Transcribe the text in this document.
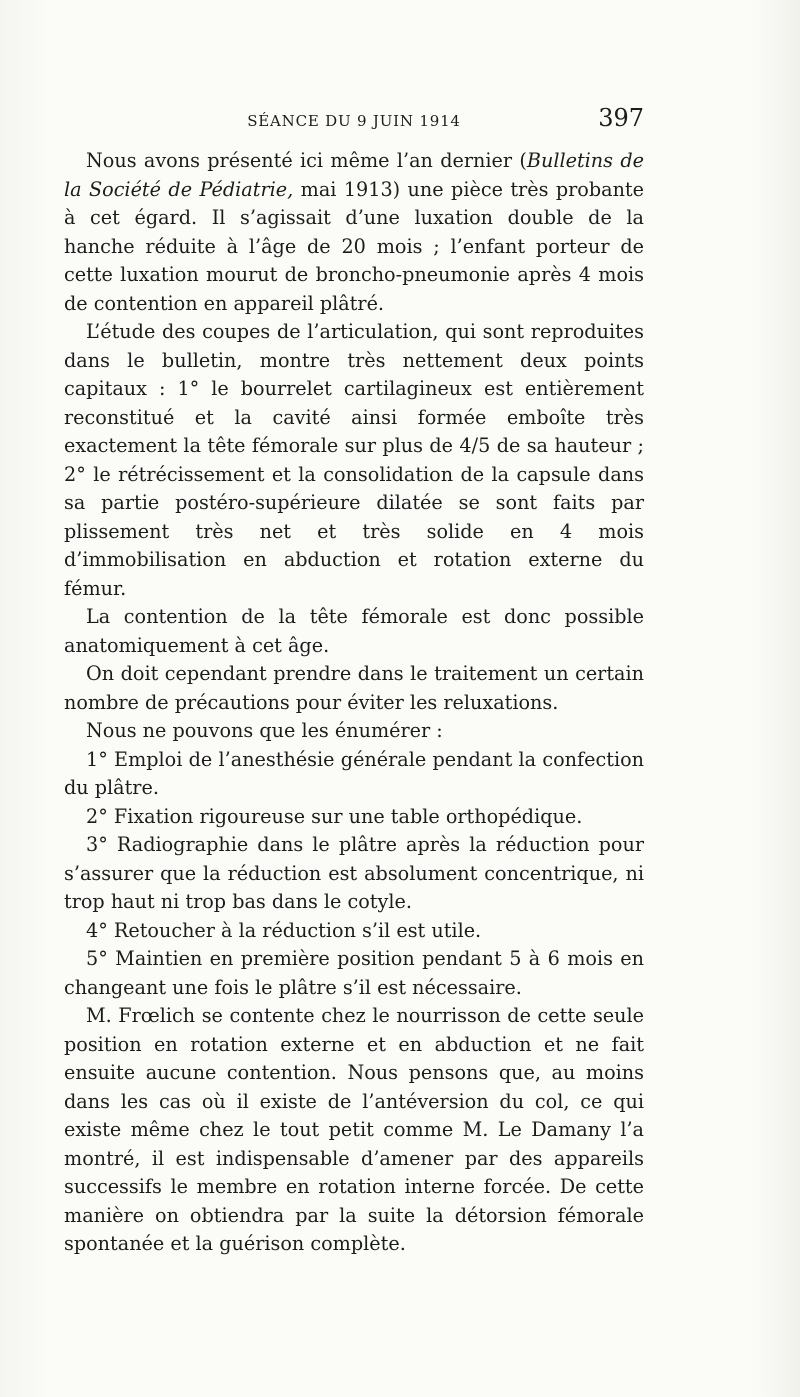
SÉANCE DU 9 JUIN 1914	397

Nous avons présenté ici même l’an dernier (Bulletins de la Société de Pédiatrie, mai 1913) une pièce très probante à cet égard. Il s’agissait d’une luxation double de la hanche réduite à l’âge de 20 mois ; l’enfant porteur de cette luxation mourut de broncho-pneumonie après 4 mois de contention en appareil plâtré.

L’étude des coupes de l’articulation, qui sont reproduites dans le bulletin, montre très nettement deux points capitaux : 1° le bourrelet cartilagineux est entièrement reconstitué et la cavité ainsi formée emboîte très exactement la tête fémorale sur plus de 4/5 de sa hauteur ; 2° le rétrécissement et la consolidation de la capsule dans sa partie postéro-supérieure dilatée se sont faits par plissement très net et très solide en 4 mois d’immobilisation en abduction et rotation externe du fémur.

La contention de la tête fémorale est donc possible anatomiquement à cet âge.

On doit cependant prendre dans le traitement un certain nombre de précautions pour éviter les reluxations.

Nous ne pouvons que les énumérer :

1° Emploi de l’anesthésie générale pendant la confection du plâtre.

2° Fixation rigoureuse sur une table orthopédique.

3° Radiographie dans le plâtre après la réduction pour s’assurer que la réduction est absolument concentrique, ni trop haut ni trop bas dans le cotyle.

4° Retoucher à la réduction s’il est utile.

5° Maintien en première position pendant 5 à 6 mois en changeant une fois le plâtre s’il est nécessaire.

M. Frœlich se contente chez le nourrisson de cette seule position en rotation externe et en abduction et ne fait ensuite aucune contention. Nous pensons que, au moins dans les cas où il existe de l’antéversion du col, ce qui existe même chez le tout petit comme M. Le Damany l’a montré, il est indispensable d’amener par des appareils successifs le membre en rotation interne forcée. De cette manière on obtiendra par la suite la détorsion fémorale spontanée et la guérison complète.
